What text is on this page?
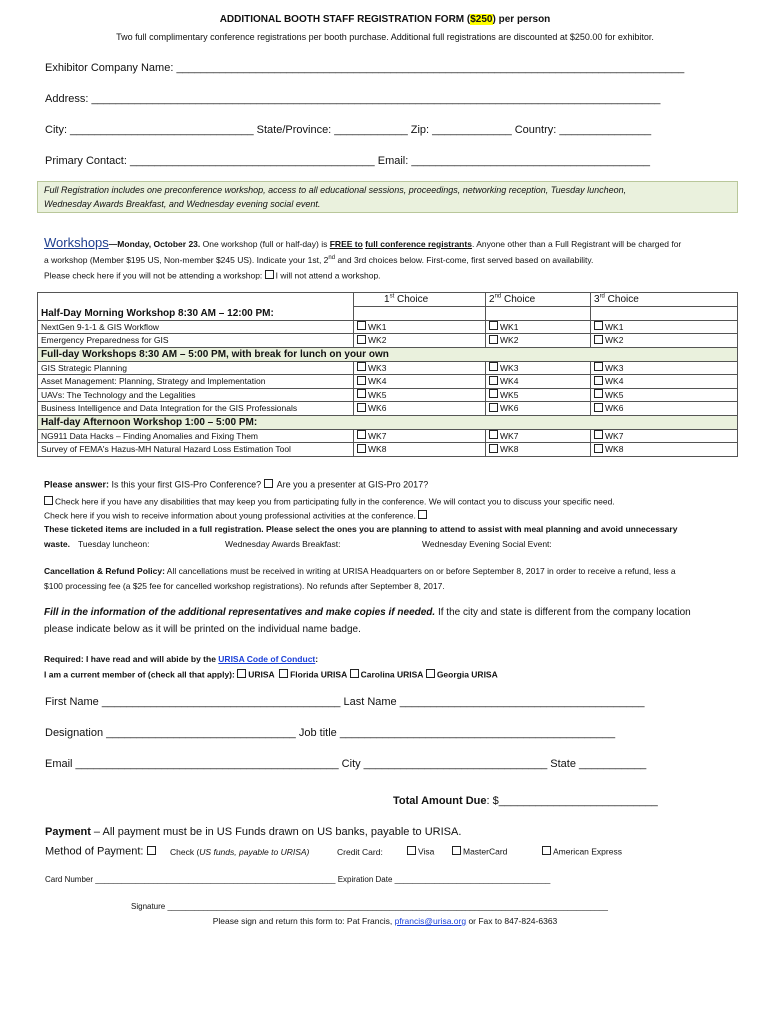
ADDITIONAL BOOTH STAFF REGISTRATION FORM ($250) per person
Two full complimentary conference registrations per booth purchase. Additional full registrations are discounted at $250.00 for exhibitor.
Exhibitor Company Name: ___________________________________________________________________________________
Address: _____________________________________________________________________________________________
City: ______________________________ State/Province: ____________ Zip: _____________ Country: _______________
Primary Contact: ________________________________________ Email: _______________________________________
Full Registration includes one preconference workshop, access to all educational sessions, proceedings, networking reception, Tuesday luncheon,
Wednesday Awards Breakfast, and Wednesday evening social event.
Workshops—Monday, October 23. One workshop (full or half-day) is FREE to full conference registrants. Anyone other than a Full Registrant will be charged for
a workshop (Member $195 US, Non-member $245 US). Indicate your 1st, 2nd and 3rd choices below. First-come, first served based on availability.
Please check here if you will not be attending a workshop: I will not attend a workshop.
	1st Choice	2nd Choice	3rd Choice
Half-Day Morning Workshop 8:30 AM – 12:00 PM:			
NextGen 9-1-1 & GIS Workflow	WK1	WK1	WK1
Emergency Preparedness for GIS	WK2	WK2	WK2
Full-day Workshops 8:30 AM – 5:00 PM, with break for lunch on your own			
GIS Strategic Planning	WK3	WK3	WK3
Asset Management: Planning, Strategy and Implementation	WK4	WK4	WK4
UAVs: The Technology and the Legalities	WK5	WK5	WK5
Business Intelligence and Data Integration for the GIS Professionals	WK6	WK6	WK6
Half-day Afternoon Workshop 1:00 – 5:00 PM:			
NG911 Data Hacks – Finding Anomalies and Fixing Them	WK7	WK7	WK7
Survey of FEMA's Hazus-MH Natural Hazard Loss Estimation Tool	WK8	WK8	WK8
Please answer: Is this your first GIS-Pro Conference?  Are you a presenter at GIS-Pro 2017?
Check here if you have any disabilities that may keep you from participating fully in the conference. We will contact you to discuss your specific need.
Check here if you wish to receive information about young professional activities at the conference.
These ticketed items are included in a full registration. Please select the ones you are planning to attend to assist with meal planning and avoid unnecessary
waste. Tuesday luncheon:	Wednesday Awards Breakfast:	Wednesday Evening Social Event:
Cancellation & Refund Policy: All cancellations must be received in writing at URISA Headquarters on or before September 8, 2017 in order to receive a refund, less a
$100 processing fee (a $25 fee for cancelled workshop registrations). No refunds after September 8, 2017.
Fill in the information of the additional representatives and make copies if needed. If the city and state is different from the company location
please indicate below as it will be printed on the individual name badge.
Required: I have read and will abide by the URISA Code of Conduct:
I am a current member of (check all that apply): URISA  Florida URISA Carolina URISA Georgia URISA
First Name _______________________________________ Last Name ________________________________________
Designation _______________________________ Job title _____________________________________________
Email ___________________________________________ City ______________________________ State ___________
Total Amount Due: $__________________________
Payment – All payment must be in US Funds drawn on US banks, payable to URISA.
Method of Payment:	Check (US funds, payable to URISA)	Credit Card:	Visa	MasterCard	American Express
Card Number ______________________________________________________ Expiration Date ___________________________________
Signature ___________________________________________________________________________________________________
Please sign and return this form to: Pat Francis, pfrancis@urisa.org or Fax to 847-824-6363
